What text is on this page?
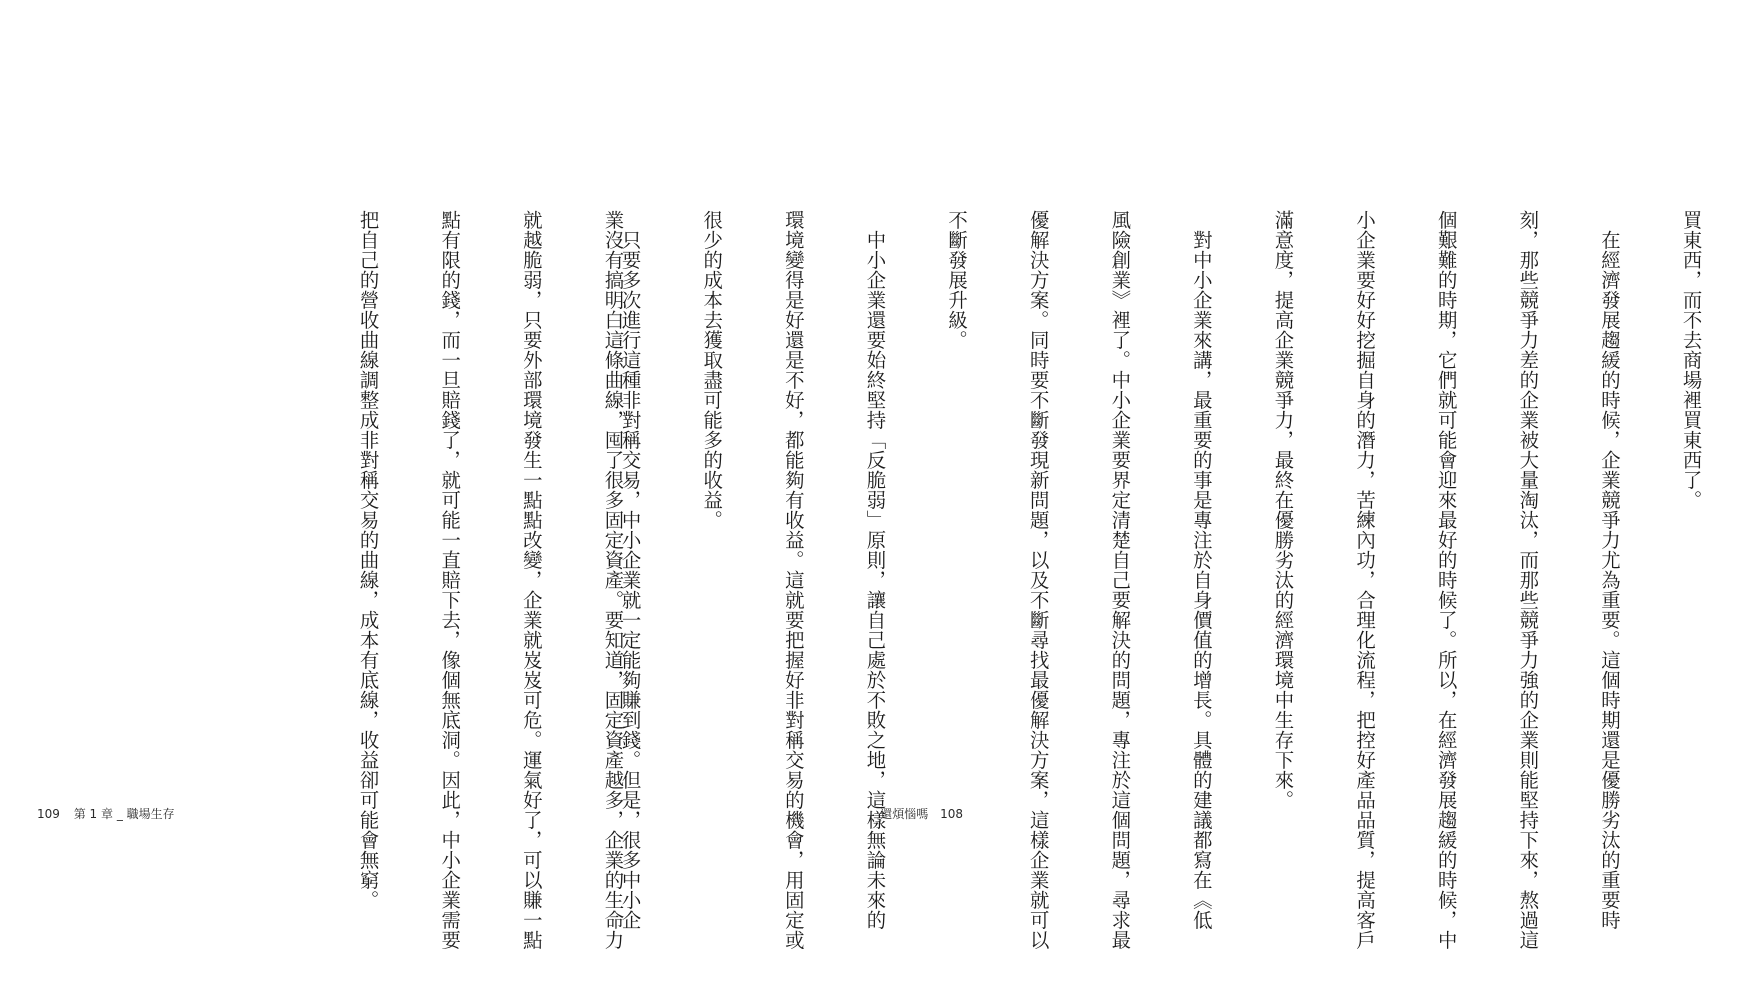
業沒有搞明白這條曲線，囤了很多固定資產。要知道，固定資產越多，企業的生命力

就越脆弱，只要外部環境發生一點點改變，企業就岌岌可危。運氣好了，可以賺一點

點有限的錢，而一旦賠錢了，就可能一直賠下去，像個無底洞。因此，中小企業需要

把自己的營收曲線調整成非對稱交易的曲線，成本有底線，收益卻可能會無窮。

	買東西，而不去商場裡買東西了。

　在經濟發展趨緩的時候，企業競爭力尤為重要。這個時期還是優勝劣汰的重要時

刻，那些競爭力差的企業被大量淘汰，而那些競爭力強的企業則能堅持下來，熬過這

個艱難的時期，它們就可能會迎來最好的時候了。所以，在經濟發展趨緩的時候，中

小企業要好好挖掘自身的潛力，苦練內功，合理化流程，把控好產品品質，提高客戶

滿意度，提高企業競爭力，最終在優勝劣汰的經濟環境中生存下來。

　對中小企業來講，最重要的事是專注於自身價值的增長。具體的建議都寫在《低

風險創業》裡了。中小企業要界定清楚自己要解決的問題，專注於這個問題，尋求最

優解決方案。同時要不斷發現新問題，以及不斷尋找最優解決方案，這樣企業就可以

不斷發展升級。

　中小企業還要始終堅持「反脆弱」原則，讓自己處於不敗之地，這樣無論未來的

環境變得是好還是不好，都能夠有收益。這就要把握好非對稱交易的機會，用固定或

很少的成本去獲取盡可能多的收益。

　只要多次進行這種非對稱交易，中小企業就一定能夠賺到錢。但是，很多中小企

109 第 1 章 _ 職場生存	還煩惱嗎 108
